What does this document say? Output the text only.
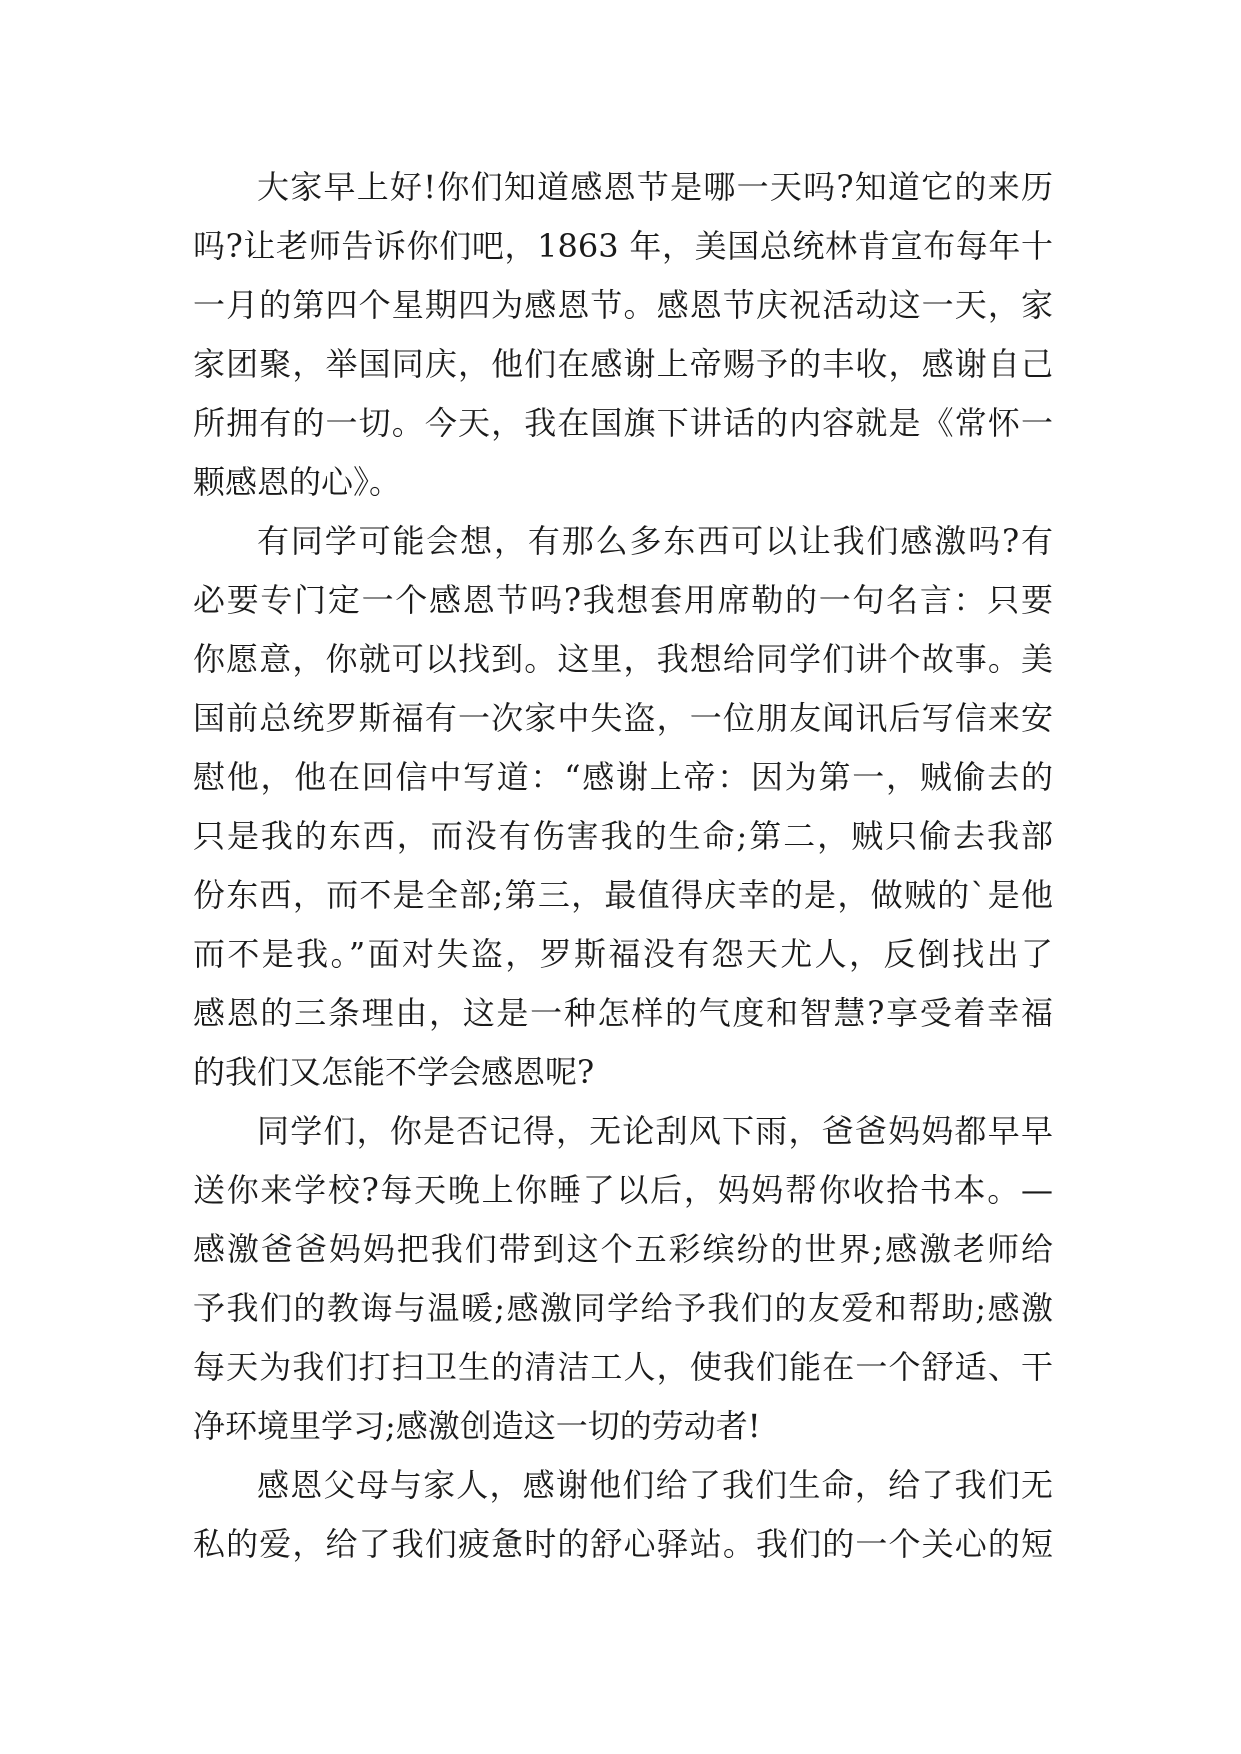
大家早上好!你们知道感恩节是哪一天吗?知道它的来历
吗?让老师告诉你们吧，1863 年，美国总统林肯宣布每年十
一月的第四个星期四为感恩节。感恩节庆祝活动这一天，家
家团聚，举国同庆，他们在感谢上帝赐予的丰收，感谢自己
所拥有的一切。今天，我在国旗下讲话的内容就是《常怀一
颗感恩的心》。
有同学可能会想，有那么多东西可以让我们感激吗?有
必要专门定一个感恩节吗?我想套用席勒的一句名言：只要
你愿意，你就可以找到。这里，我想给同学们讲个故事。美
国前总统罗斯福有一次家中失盗，一位朋友闻讯后写信来安
慰他，他在回信中写道：“感谢上帝：因为第一，贼偷去的
只是我的东西，而没有伤害我的生命;第二，贼只偷去我部
份东西，而不是全部;第三，最值得庆幸的是，做贼的`是他
而不是我。”面对失盗，罗斯福没有怨天尤人，反倒找出了
感恩的三条理由，这是一种怎样的气度和智慧?享受着幸福
的我们又怎能不学会感恩呢?
同学们，你是否记得，无论刮风下雨，爸爸妈妈都早早
送你来学校?每天晚上你睡了以后，妈妈帮你收拾书本。—
感激爸爸妈妈把我们带到这个五彩缤纷的世界;感激老师给
予我们的教诲与温暖;感激同学给予我们的友爱和帮助;感激
每天为我们打扫卫生的清洁工人，使我们能在一个舒适、干
净环境里学习;感激创造这一切的劳动者!
感恩父母与家人，感谢他们给了我们生命，给了我们无
私的爱，给了我们疲惫时的舒心驿站。我们的一个关心的短
